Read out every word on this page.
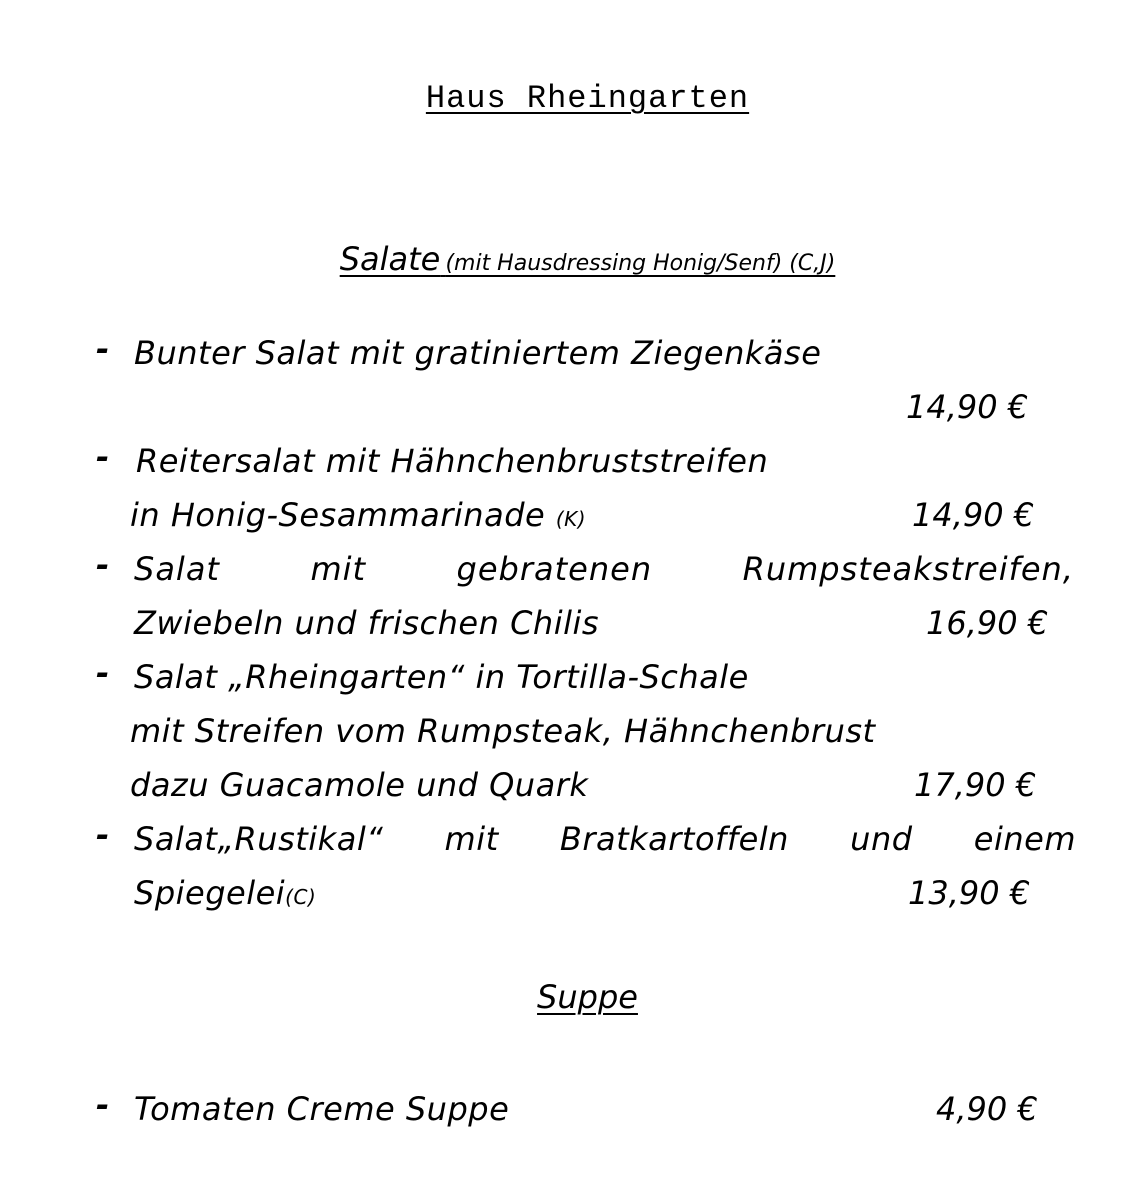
Haus Rheingarten
Salate (mit Hausdressing Honig/Senf) (C,J)
- Bunter Salat mit gratiniertem Ziegenkäse
14,90 €
- Reitersalat mit Hähnchenbruststreifen
in Honig-Sesammarinade (K)	14,90 €
- Salat mit gebratenen Rumpsteakstreifen,
Zwiebeln und frischen Chilis	16,90 €
- Salat „Rheingarten“ in Tortilla-Schale
mit Streifen vom Rumpsteak, Hähnchenbrust
dazu Guacamole und Quark	17,90 €
- Salat„Rustikal“ mit Bratkartoffeln und einem
Spiegelei(C)	13,90 €
Suppe
- Tomaten Creme Suppe	4,90 €
